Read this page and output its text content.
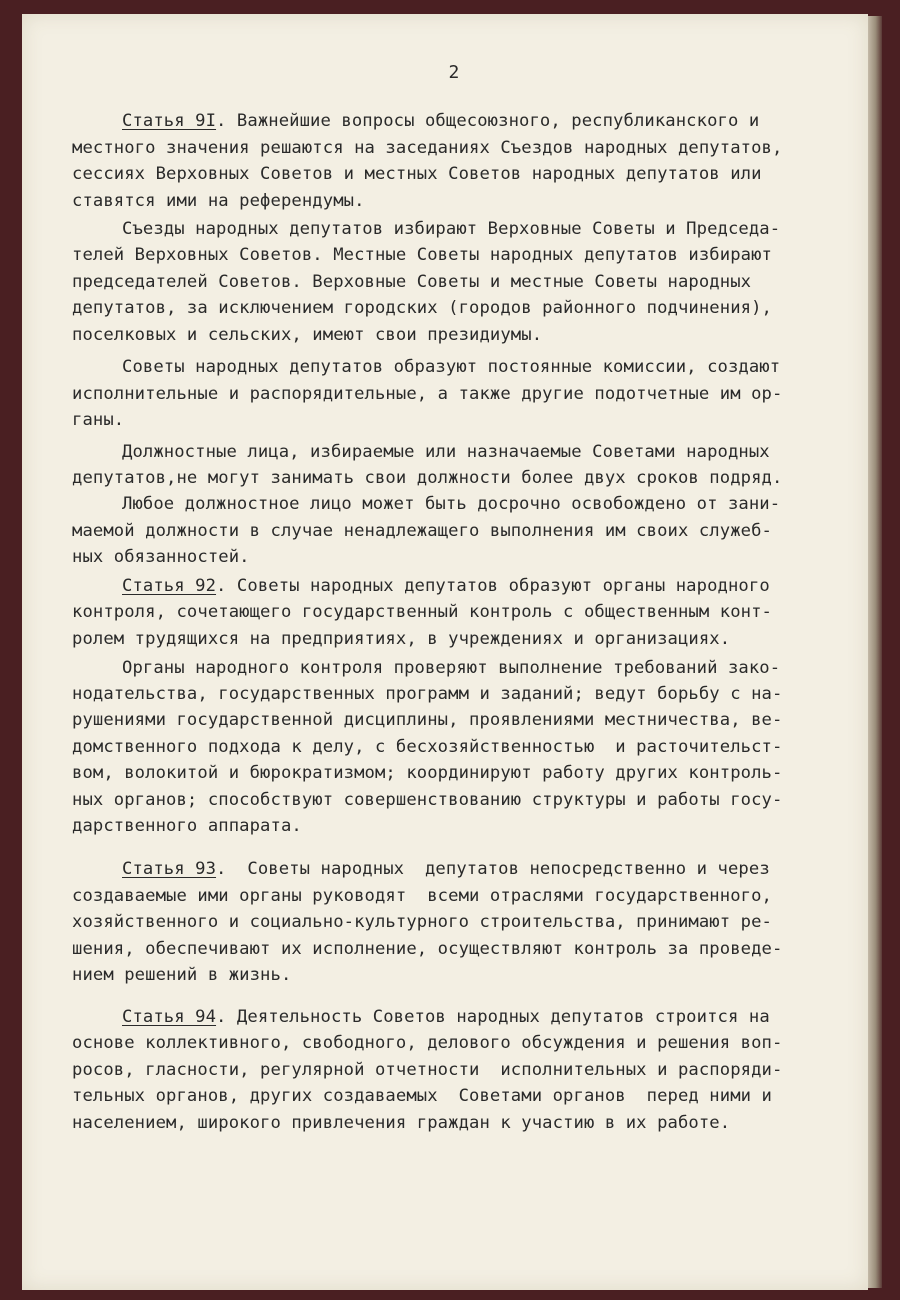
2
Статья 9I. Важнейшие вопросы общесоюзного, республиканского и
местного значения решаются на заседаниях Съездов народных депутатов,
сессиях Верховных Советов и местных Советов народных депутатов или
ставятся ими на референдумы.
Съезды народных депутатов избирают Верховные Советы и Председа-
телей Верховных Советов. Местные Советы народных депутатов избирают
председателей Советов. Верховные Советы и местные Советы народных
депутатов, за исключением городских (городов районного подчинения),
поселковых и сельских, имеют свои президиумы.
Советы народных депутатов образуют постоянные комиссии, создают
исполнительные и распорядительные, а также другие подотчетные им ор-
ганы.
Должностные лица, избираемые или назначаемые Советами народных
депутатов,не могут занимать свои должности более двух сроков подряд.
Любое должностное лицо может быть досрочно освобождено от зани-
маемой должности в случае ненадлежащего выполнения им своих служеб-
ных обязанностей.
Статья 92. Советы народных депутатов образуют органы народного
контроля, сочетающего государственный контроль с общественным конт-
ролем трудящихся на предприятиях, в учреждениях и организациях.
Органы народного контроля проверяют выполнение требований зако-
нодательства, государственных программ и заданий; ведут борьбу с на-
рушениями государственной дисциплины, проявлениями местничества, ве-
домственного подхода к делу, с бесхозяйственностью  и расточительст-
вом, волокитой и бюрократизмом; координируют работу других контроль-
ных органов; способствуют совершенствованию структуры и работы госу-
дарственного аппарата.
Статья 93.  Советы народных  депутатов непосредственно и через
создаваемые ими органы руководят  всеми отраслями государственного,
хозяйственного и социально-культурного строительства, принимают ре-
шения, обеспечивают их исполнение, осуществляют контроль за проведе-
нием решений в жизнь.
Статья 94. Деятельность Советов народных депутатов строится на
основе коллективного, свободного, делового обсуждения и решения воп-
росов, гласности, регулярной отчетности  исполнительных и распоряди-
тельных органов, других создаваемых  Советами органов  перед ними и
населением, широкого привлечения граждан к участию в их работе.
